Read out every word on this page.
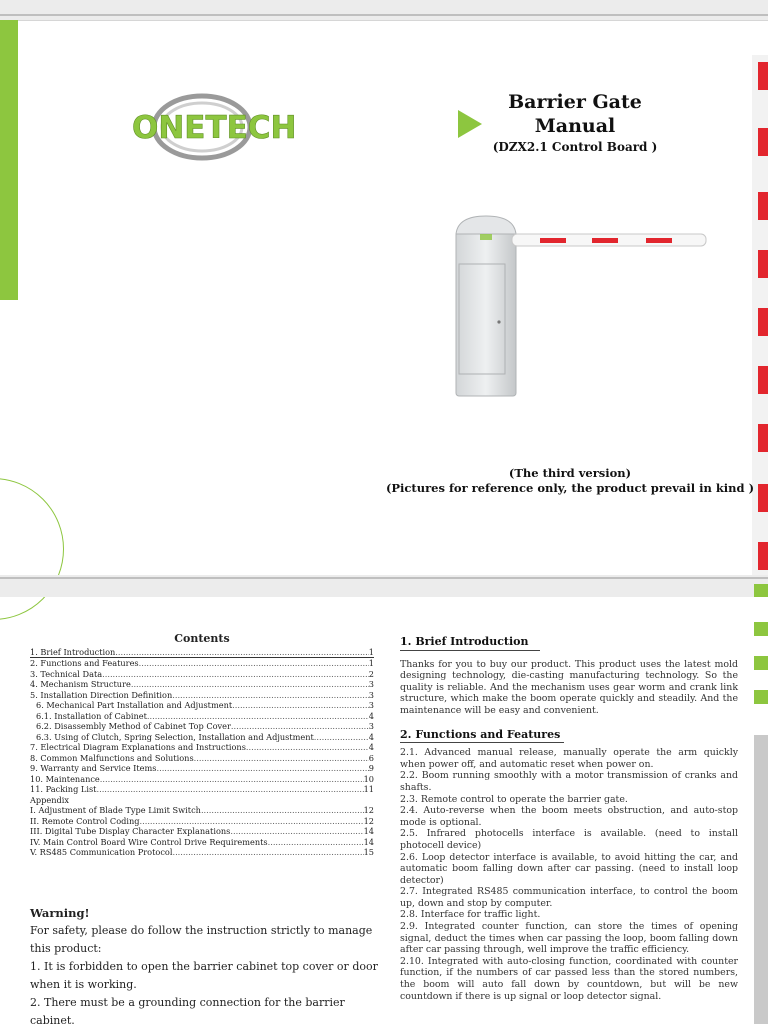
ONETECH
Barrier Gate
Manual
(DZX2.1 Control Board )
(The third version)
(Pictures for reference only, the product prevail in kind )
Contents
1. Brief Introduction .....	1
2. Functions and Features .....	1
3. Technical Data .....	2
4. Mechanism Structure .....	3
5. Installation Direction Definition .....	3
6. Mechanical Part Installation and Adjustment .....	3
6.1. Installation of Cabinet .....	4
6.2. Disassembly Method of Cabinet Top Cover .....	3
6.3. Using of Clutch, Spring Selection, Installation and Adjustment .....	4
7. Electrical Diagram Explanations and Instructions .....	4
8. Common Malfunctions and Solutions .....	6
9. Warranty and Service Items .....	9
10. Maintenance .....	10
11. Packing List .....	11
Appendix
I. Adjustment of Blade Type Limit Switch .....	12
II. Remote Control Coding .....	12
III. Digital Tube Display Character Explanations .....	14
IV. Main Control Board Wire Control Drive Requirements .....	14
V. RS485 Communication Protocol .....	15
Warning!
For safety, please do follow the instruction strictly to manage
this product:
1. It is forbidden to open the barrier cabinet top cover or door
when it is working.
2. There must be a grounding connection for the barrier cabinet.
1. Brief Introduction

Thanks for you to buy our product. This product uses the latest mold designing technology, die-casting manufacturing technology. So the quality is reliable. And the mechanism uses gear worm and crank link structure, which make the boom operate quickly and steadily. And the maintenance will be easy and convenient.

2. Functions and Features
2.1. Advanced manual release, manually operate the arm quickly when power off, and automatic reset when power on.
2.2. Boom running smoothly with a motor transmission of cranks and shafts.
2.3. Remote control to operate the barrier gate.
2.4. Auto-reverse when the boom meets obstruction, and auto-stop mode is optional.
2.5. Infrared photocells interface is available. (need to install photocell device)
2.6. Loop detector interface is available, to avoid hitting the car, and automatic boom falling down after car passing. (need to install loop detector)
2.7. Integrated RS485 communication interface, to control the boom up, down and stop by computer.
2.8. Interface for traffic light.
2.9. Integrated counter function, can store the times of opening signal, deduct the times when car passing the loop, boom falling down after car passing through, well improve the traffic efficiency.
2.10. Integrated with auto-closing function, coordinated with counter function, if the numbers of car passed less than the stored numbers, the boom will auto fall down by countdown, but will be new countdown if there is up signal or loop detector signal.
